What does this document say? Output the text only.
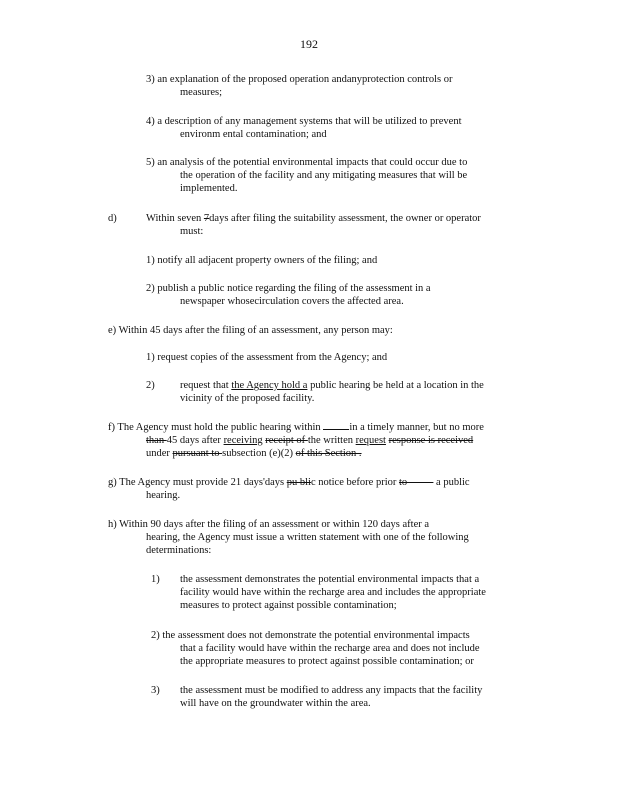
192
3) an explanation of the proposed operation andanyprotection controls or
measures;
4) a description of any management systems that will be utilized to prevent
environm ental contamination; and
5) an analysis of the potential environmental impacts that could occur due to
the operation of the facility and any mitigating measures that will be
implemented.
d)	Within seven 7days after filing the suitability assessment, the owner or operator
must:
1) notify all adjacent property owners of the filing; and
2) publish a public notice regarding the filing of the assessment in a
newspaper whosecirculation covers the affected area.
e) Within 45 days after the filing of an assessment, any person may:
1) request copies of the assessment from the Agency; and
2) request that the Agency hold a public hearing be held at a location in the
vicinity of the proposed facility.
f) The Agency must hold the public hearing within in a timely manner, but no more
than 45 days after receiving receipt of the written request response is received
under pursuant to subsection (e)(2) of this Section .
g) The Agency must provide 21 days'days pu blic notice before prior to           a public
hearing.
h) Within 90 days after the filing of an assessment or within 120 days after a
hearing, the Agency must issue a written statement with one of the following
determinations:
1) the assessment demonstrates the potential environmental impacts that a
facility would have within the recharge area and includes the appropriate
measures to protect against possible contamination;
2) the assessment does not demonstrate the potential environmental impacts
that a facility would have within the recharge area and does not include
the appropriate measures to protect against possible contamination; or
3) the assessment must be modified to address any impacts that the facility
will have on the groundwater within the area.
